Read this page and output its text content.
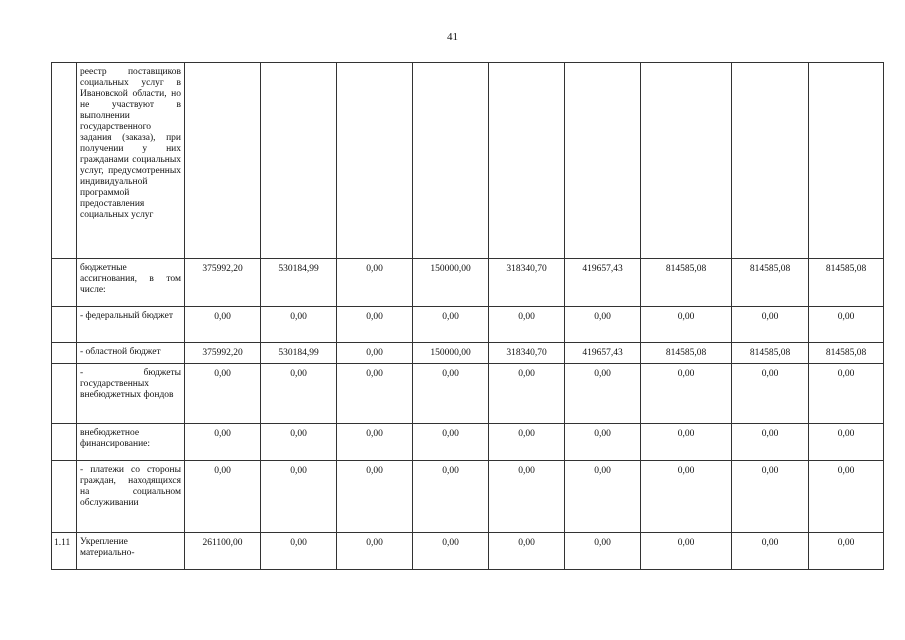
41
	реестр поставщиков социальных услуг в Ивановской области, но не участвуют в выполнении государственного задания (заказа), при получении у них гражданами социальных услуг, предусмотренных индивидуальной программой предоставления социальных услуг									
	бюджетные ассигнования, в том числе:	375992,20	530184,99	0,00	150000,00	318340,70	419657,43	814585,08	814585,08	814585,08
	- федеральный бюджет	0,00	0,00	0,00	0,00	0,00	0,00	0,00	0,00	0,00
	- областной бюджет	375992,20	530184,99	0,00	150000,00	318340,70	419657,43	814585,08	814585,08	814585,08
	- бюджеты государственных внебюджетных фондов	0,00	0,00	0,00	0,00	0,00	0,00	0,00	0,00	0,00
	внебюджетное финансирование:	0,00	0,00	0,00	0,00	0,00	0,00	0,00	0,00	0,00
	- платежи со стороны граждан, находящихся на социальном обслуживании	0,00	0,00	0,00	0,00	0,00	0,00	0,00	0,00	0,00
1.11	Укрепление материально-	261100,00	0,00	0,00	0,00	0,00	0,00	0,00	0,00	0,00
